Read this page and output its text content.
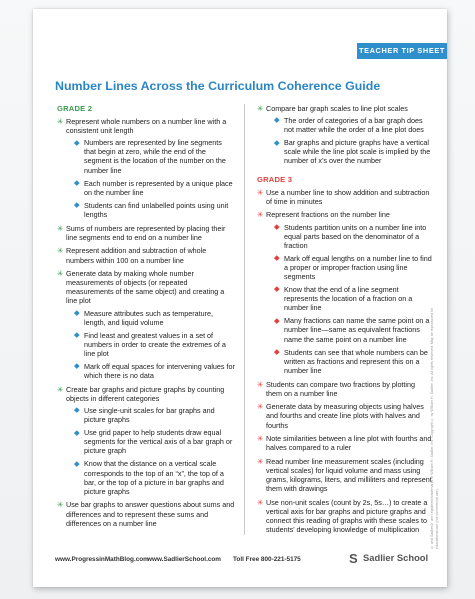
TEACHER TIP SHEET
Number Lines Across the Curriculum Coherence Guide
GRADE 2
✳ Represent whole numbers on a number line with a consistent unit length
Numbers are represented by line segments that begin at zero, while the end of the segment is the location of the number on the number line
Each number is represented by a unique place on the number line
Students can find unlabelled points using unit lengths
✳ Sums of numbers are represented by placing their line segments end to end on a number line
✳ Represent addition and subtraction of whole numbers within 100 on a number line
✳ Generate data by making whole number measurements of objects (or repeated measurements of the same object) and creating a line plot
Measure attributes such as temperature, length, and liquid volume
Find least and greatest values in a set of numbers in order to create the extremes of a line plot
Mark off equal spaces for intervening values for which there is no data
✳ Create bar graphs and picture graphs by counting objects in different categories
Use single-unit scales for bar graphs and picture graphs
Use grid paper to help students draw equal segments for the vertical axis of a bar graph or picture graph
Know that the distance on a vertical scale corresponds to the top of an “x”, the top of a bar, or the top of a picture in bar graphs and picture graphs
✳ Use bar graphs to answer questions about sums and differences and to represent these sums and differences on a number line
✳ Compare bar graph scales to line plot scales
The order of categories of a bar graph does not matter while the order of a line plot does
Bar graphs and picture graphs have a vertical scale while the line plot scale is implied by the number of x’s over the number
GRADE 3
✳ Use a number line to show addition and subtraction of time in minutes
✳ Represent fractions on the number line
Students partition units on a number line into equal parts based on the denominator of a fraction
Mark off equal lengths on a number line to find a proper or improper fraction using line segments
Know that the end of a line segment represents the location of a fraction on a number line
Many fractions can name the same point on a number line—same as equivalent fractions name the same point on a number line
Students can see that whole numbers can be written as fractions and represent this on a number line
✳ Students can compare two fractions by plotting them on a number line
✳ Generate data by measuring objects using halves and fourths and create line plots with halves and fourths
✳ Note similarities between a line plot with fourths and halves compared to a ruler
✳ Read number line measurement scales (including vertical scales) for liquid volume and mass using grams, kilograms, liters, and milliliters and represent them with drawings
✳ Use non-unit scales (count by 2s, 5s…) to create a vertical axis for bar graphs and picture graphs and connect this reading of graphs with these scales to students’ developing knowledge of multiplication
www.ProgressinMathBlog.com
www.SadlierSchool.com Toll Free 800-221-5175	S Sadlier School
® and Sadlier® are registered trademarks of William H. Sadlier, Inc. Copyright © by William H. Sadlier, Inc. All rights reserved. May be reproduced for educational use (not commercial use).
